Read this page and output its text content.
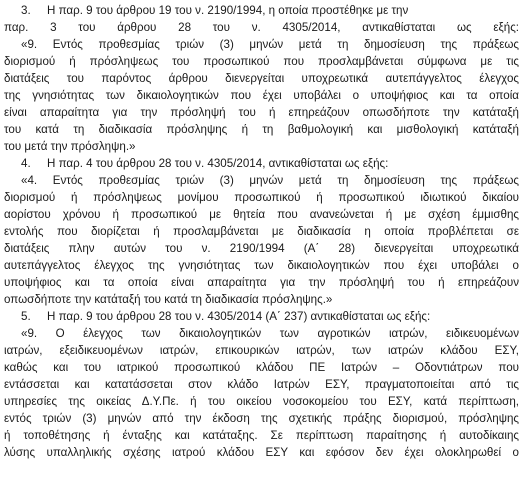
3. Η παρ. 9 του άρθρου 19 του ν. 2190/1994, η οποία προστέθηκε με την
παρ. 3 του άρθρου 28 του ν. 4305/2014, αντικαθίσταται ως εξής:
«9. Εντός προθεσμίας τριών (3) μηνών μετά τη δημοσίευση της πράξεως
διορισμού ή πρόσληψεως του προσωπικού που προσλαμβάνεται σύμφωνα με τις
διατάξεις του παρόντος άρθρου διενεργείται υποχρεωτικά αυτεπάγγελτος έλεγχος
της γνησιότητας των δικαιολογητικών που έχει υποβάλει ο υποψήφιος και τα οποία
είναι απαραίτητα για την πρόσληψή του ή επηρεάζουν οπωσδήποτε την κατάταξή
του κατά τη διαδικασία πρόσληψης ή τη βαθμολογική και μισθολογική κατάταξή
του μετά την πρόσληψη.»
4. Η παρ. 4 του άρθρου 28 του ν. 4305/2014, αντικαθίσταται ως εξής:
«4. Εντός προθεσμίας τριών (3) μηνών μετά τη δημοσίευση της πράξεως
διορισμού ή πρόσληψεως μονίμου προσωπικού ή προσωπικού ιδιωτικού δικαίου
αορίστου χρόνου ή προσωπικού με θητεία που ανανεώνεται ή με σχέση έμμισθης
εντολής που διορίζεται ή προσλαμβάνεται με διαδικασία η οποία προβλέπεται σε
διατάξεις πλην αυτών του ν. 2190/1994 (Α΄ 28) διενεργείται υποχρεωτικά
αυτεπάγγελτος έλεγχος της γνησιότητας των δικαιολογητικών που έχει υποβάλει ο
υποψήφιος και τα οποία είναι απαραίτητα για την πρόσληψή του ή επηρεάζουν
οπωσδήποτε την κατάταξή του κατά τη διαδικασία πρόσληψης.»
5. Η παρ. 9 του άρθρου 28 του ν. 4305/2014 (Α΄ 237) αντικαθίσταται ως εξής:
«9. Ο έλεγχος των δικαιολογητικών των αγροτικών ιατρών, ειδικευομένων
ιατρών, εξειδικευομένων ιατρών, επικουρικών ιατρών, των ιατρών κλάδου ΕΣΥ,
καθώς και του ιατρικού προσωπικού κλάδου ΠΕ Ιατρών – Οδοντιάτρων που
εντάσσεται και κατατάσσεται στον κλάδο Ιατρών ΕΣΥ, πραγματοποιείται από τις
υπηρεσίες της οικείας Δ.Υ.Πε. ή του οικείου νοσοκομείου του ΕΣΥ, κατά περίπτωση,
εντός τριών (3) μηνών από την έκδοση της σχετικής πράξης διορισμού, πρόσληψης
ή τοποθέτησης ή ένταξης και κατάταξης. Σε περίπτωση παραίτησης ή αυτοδίκαιης
λύσης υπαλληλικής σχέσης ιατρού κλάδου ΕΣΥ και εφόσον δεν έχει ολοκληρωθεί ο
